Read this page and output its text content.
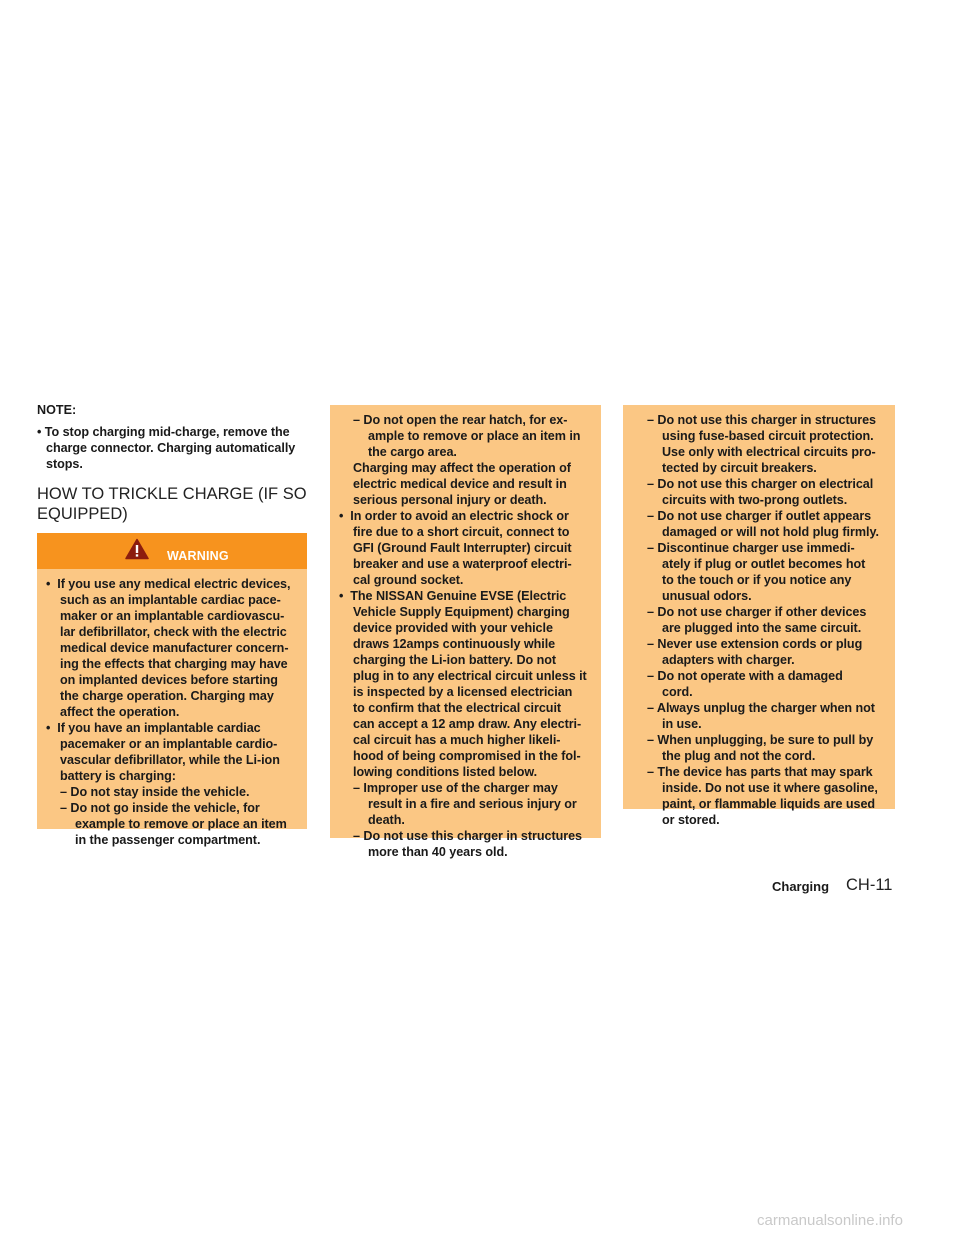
NOTE:
• To stop charging mid-charge, remove the
charge connector. Charging automatically
stops.
HOW TO TRICKLE CHARGE (IF SO
EQUIPPED)
WARNING
•  If you use any medical electric devices,
such as an implantable cardiac pace-
maker or an implantable cardiovascu-
lar defibrillator, check with the electric
medical device manufacturer concern-
ing the effects that charging may have
on implanted devices before starting
the charge operation. Charging may
affect the operation.
•  If you have an implantable cardiac
pacemaker or an implantable cardio-
vascular defibrillator, while the Li-ion
battery is charging:
– Do not stay inside the vehicle.
– Do not go inside the vehicle, for
example to remove or place an item
in the passenger compartment.
– Do not open the rear hatch, for ex-
ample to remove or place an item in
the cargo area.
Charging may affect the operation of
electric medical device and result in
serious personal injury or death.
•  In order to avoid an electric shock or
fire due to a short circuit, connect to
GFI (Ground Fault Interrupter) circuit
breaker and use a waterproof electri-
cal ground socket.
•  The NISSAN Genuine EVSE (Electric
Vehicle Supply Equipment) charging
device provided with your vehicle
draws 12amps continuously while
charging the Li-ion battery. Do not
plug in to any electrical circuit unless it
is inspected by a licensed electrician
to confirm that the electrical circuit
can accept a 12 amp draw. Any electri-
cal circuit has a much higher likeli-
hood of being compromised in the fol-
lowing conditions listed below.
– Improper use of the charger may
result in a fire and serious injury or
death.
– Do not use this charger in structures
more than 40 years old.
– Do not use this charger in structures
using fuse-based circuit protection.
Use only with electrical circuits pro-
tected by circuit breakers.
– Do not use this charger on electrical
circuits with two-prong outlets.
– Do not use charger if outlet appears
damaged or will not hold plug firmly.
– Discontinue charger use immedi-
ately if plug or outlet becomes hot
to the touch or if you notice any
unusual odors.
– Do not use charger if other devices
are plugged into the same circuit.
– Never use extension cords or plug
adapters with charger.
– Do not operate with a damaged
cord.
– Always unplug the charger when not
in use.
– When unplugging, be sure to pull by
the plug and not the cord.
– The device has parts that may spark
inside. Do not use it where gasoline,
paint, or flammable liquids are used
or stored.
Charging CH-11
carmanualsonline.info
